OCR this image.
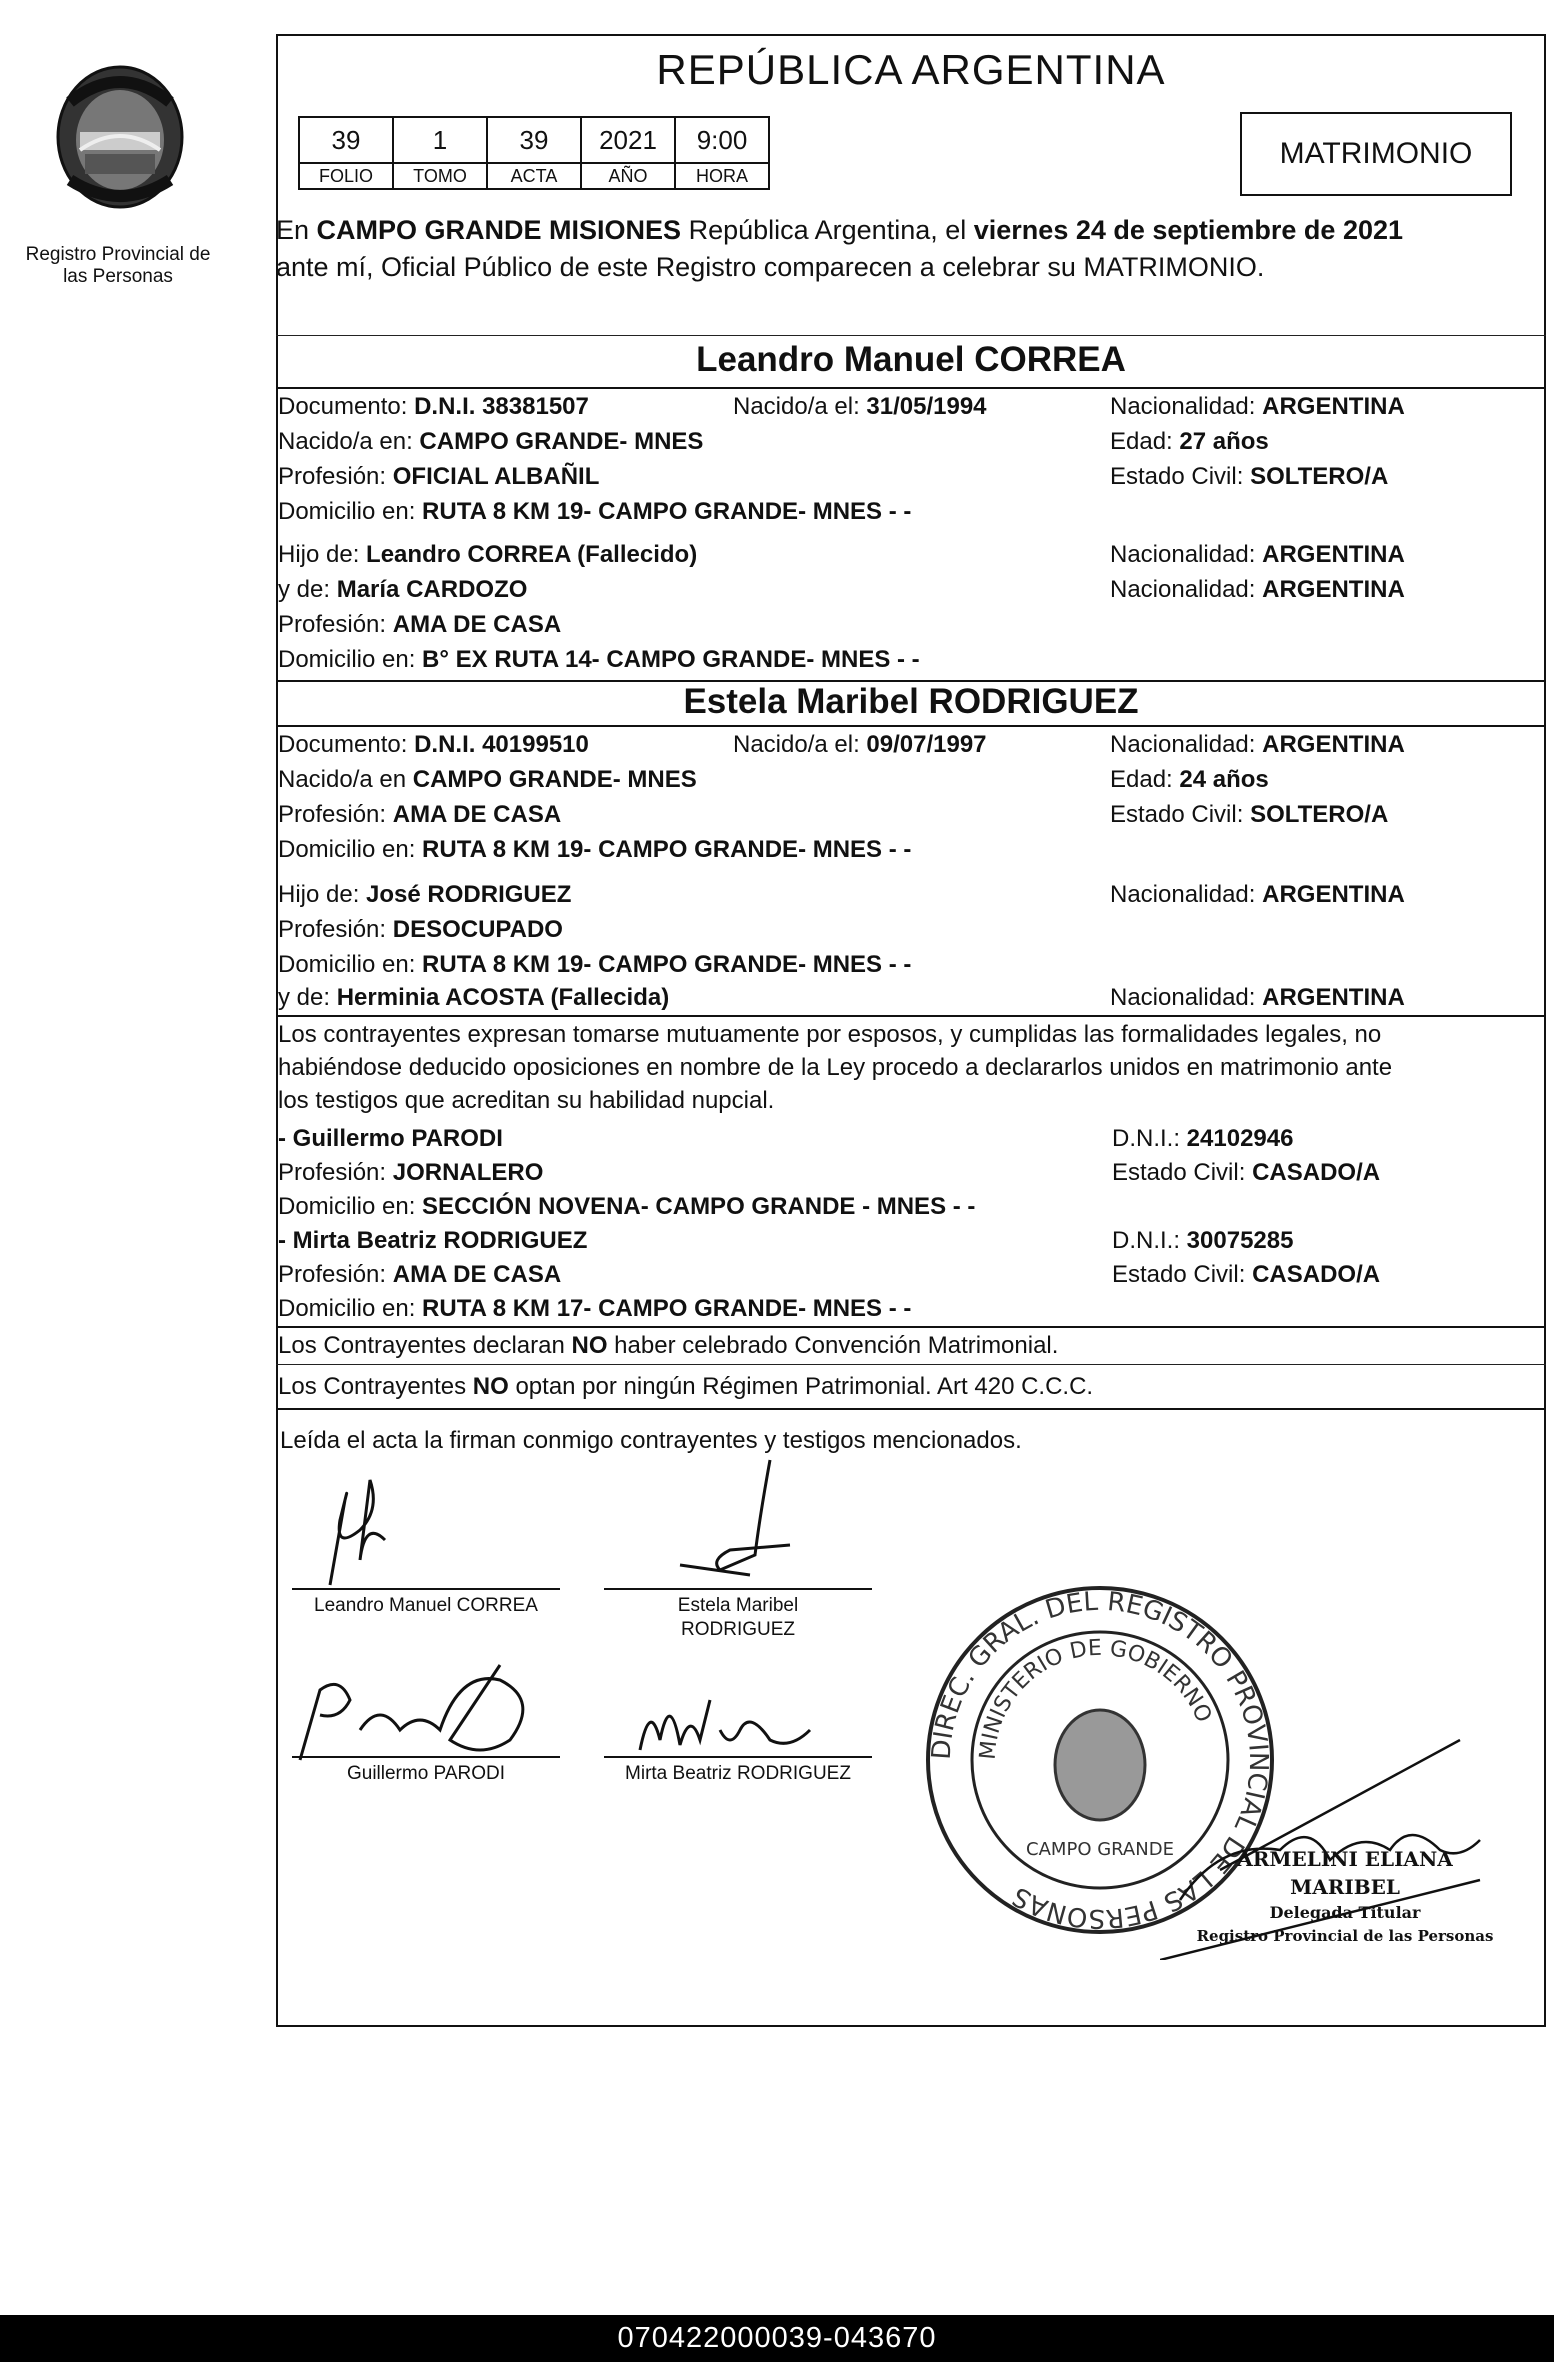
Registro Provincial de las Personas
REPÚBLICA ARGENTINA
39	1	39	2021	9:00
FOLIO	TOMO	ACTA	AÑO	HORA
MATRIMONIO
En CAMPO GRANDE MISIONES República Argentina, el viernes 24 de septiembre de 2021
ante mí, Oficial Público de este Registro comparecen a celebrar su MATRIMONIO.
Leandro Manuel CORREA
Documento: D.N.I. 38381507	Nacido/a el: 31/05/1994	Nacionalidad: ARGENTINA
Nacido/a en: CAMPO GRANDE- MNES	Edad: 27 años
Profesión: OFICIAL ALBAÑIL	Estado Civil: SOLTERO/A
Domicilio en: RUTA 8 KM 19- CAMPO GRANDE- MNES - -
Hijo de: Leandro CORREA (Fallecido)	Nacionalidad: ARGENTINA
y de: María CARDOZO	Nacionalidad: ARGENTINA
Profesión: AMA DE CASA
Domicilio en: B° EX RUTA 14- CAMPO GRANDE- MNES - -
Estela Maribel RODRIGUEZ
Documento: D.N.I. 40199510	Nacido/a el: 09/07/1997	Nacionalidad: ARGENTINA
Nacido/a en CAMPO GRANDE- MNES	Edad: 24 años
Profesión: AMA DE CASA	Estado Civil: SOLTERO/A
Domicilio en: RUTA 8 KM 19- CAMPO GRANDE- MNES - -
Hijo de: José RODRIGUEZ	Nacionalidad: ARGENTINA
Profesión: DESOCUPADO
Domicilio en: RUTA 8 KM 19- CAMPO GRANDE- MNES - -
y de: Herminia ACOSTA (Fallecida)	Nacionalidad: ARGENTINA
Los contrayentes expresan tomarse mutuamente por esposos, y cumplidas las formalidades legales, no
habiéndose deducido oposiciones en nombre de la Ley procedo a declararlos unidos en matrimonio ante
los testigos que acreditan su habilidad nupcial.
- Guillermo PARODI	D.N.I.: 24102946
Profesión: JORNALERO	Estado Civil: CASADO/A
Domicilio en: SECCIÓN NOVENA- CAMPO GRANDE - MNES - -
- Mirta Beatriz RODRIGUEZ	D.N.I.: 30075285
Profesión: AMA DE CASA	Estado Civil: CASADO/A
Domicilio en: RUTA 8 KM 17- CAMPO GRANDE- MNES - -
Los Contrayentes declaran NO haber celebrado Convención Matrimonial.
Los Contrayentes NO optan por ningún Régimen Patrimonial. Art 420 C.C.C.
Leída el acta la firman conmigo contrayentes y testigos mencionados.
Leandro Manuel CORREA	Estela Maribel
RODRIGUEZ
Guillermo PARODI	Mirta Beatriz RODRIGUEZ
DIREC. GRAL. DEL REGISTRO PROVINCIAL DE LAS PERSONAS
MINISTERIO DE GOBIERNO
CAMPO GRANDE	ARMELINI ELIANA MARIBEL
Delegada Titular
Registro Provincial de las Personas
070422000039-043670
